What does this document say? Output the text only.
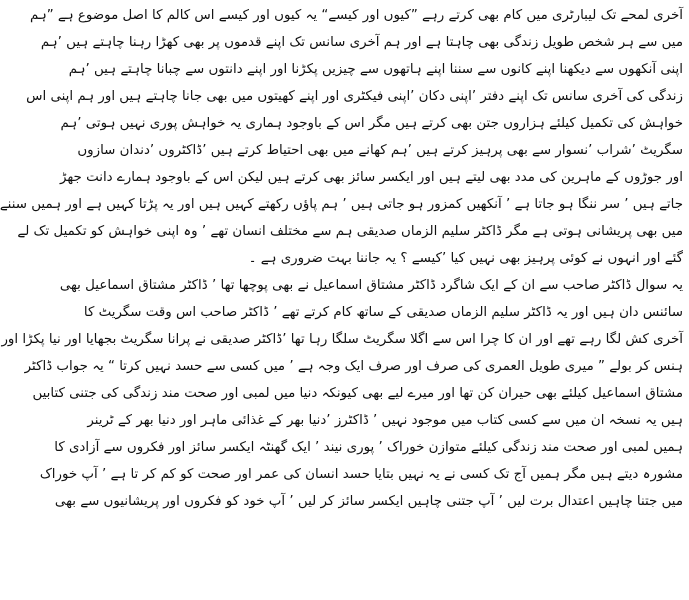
آخری لمحے تک لیبارٹری میں کام بھی کرتے رہے ”کیوں اور کیسے“ یہ کیوں اور کیسے اس کالم کا اصل موضوع ہے ”ہم
میں سے ہر شخص طویل زندگی بھی چاہتا ہے اور ہم آخری سانس تک اپنے قدموں پر بھی کھڑا رہنا چاہتے ہیں ’ہم
اپنی آنکھوں سے دیکھنا اپنے کانوں سے سننا اپنے ہاتھوں سے چیزیں پکڑنا اور اپنے دانتوں سے چبانا چاہتے ہیں ’ہم
زندگی کی آخری سانس تک اپنے دفتر ’اپنی دکان ’اپنی فیکٹری اور اپنے کھیتوں میں بھی جانا چاہتے ہیں اور ہم اپنی اس
خواہش کی تکمیل کیلئے ہزاروں جتن بھی کرتے ہیں مگر اس کے باوجود ہماری یہ خواہش پوری نہیں ہوتی ’ہم
سگریٹ ’شراب ’نسوار سے بھی پرہیز کرتے ہیں ’ہم کھانے میں بھی احتیاط کرتے ہیں ’ڈاکٹروں ’دندان سازوں
اور جوڑوں کے ماہرین کی مدد بھی لیتے ہیں اور ایکسر سائز بھی کرتے ہیں لیکن اس کے باوجود ہمارے دانت جھڑ
جاتے ہیں ’ سر ننگا ہو جاتا ہے ’ آنکھیں کمزور ہو جاتی ہیں ’ ہم پاؤں رکھتے کہیں ہیں اور یہ پڑتا کہیں ہے اور ہمیں سننے
میں بھی پریشانی ہوتی ہے مگر ڈاکٹر سلیم الزماں صدیقی ہم سے مختلف انسان تھے ’ وہ اپنی خواہش کو تکمیل تک لے
گئے اور انہوں نے کوئی پرہیز بھی نہیں کیا ’کیسے ؟ یہ جاننا بہت ضروری ہے ۔
یہ سوال ڈاکٹر صاحب سے ان کے ایک شاگرد ڈاکٹر مشتاق اسماعیل نے بھی پوچھا تھا ’ ڈاکٹر مشتاق اسماعیل بھی
سائنس دان ہیں اور یہ ڈاکٹر سلیم الزماں صدیقی کے ساتھ کام کرتے تھے ’ ڈاکٹر صاحب اس وقت سگریٹ کا
آخری کش لگا رہے تھے اور ان کا چرا اس سے اگلا سگریٹ سلگا رہا تھا ’ڈاکٹر صدیقی نے پرانا سگریٹ بجھایا اور نیا پکڑا اور
ہنس کر بولے ” میری طویل العمری کی صرف اور صرف ایک وجہ ہے ’ میں کسی سے حسد نہیں کرتا “ یہ جواب ڈاکٹر
مشتاق اسماعیل کیلئے بھی حیران کن تھا اور میرے لیے بھی کیونکہ دنیا میں لمبی اور صحت مند زندگی کی جتنی کتابیں
ہیں یہ نسخہ ان میں سے کسی کتاب میں موجود نہیں ’ ڈاکٹرز ’دنیا بھر کے غذائی ماہر اور دنیا بھر کے ٹرینر
ہمیں لمبی اور صحت مند زندگی کیلئے متوازن خوراک ’ پوری نیند ’ ایک گھنٹہ ایکسر سائز اور فکروں سے آزادی کا
مشورہ دیتے ہیں مگر ہمیں آج تک کسی نے یہ نہیں بتایا حسد انسان کی عمر اور صحت کو کم کر تا ہے ’ آپ خوراک
میں جتنا چاہیں اعتدال برت لیں ’ آپ جتنی چاہیں ایکسر سائز کر لیں ’ آپ خود کو فکروں اور پریشانیوں سے بھی
